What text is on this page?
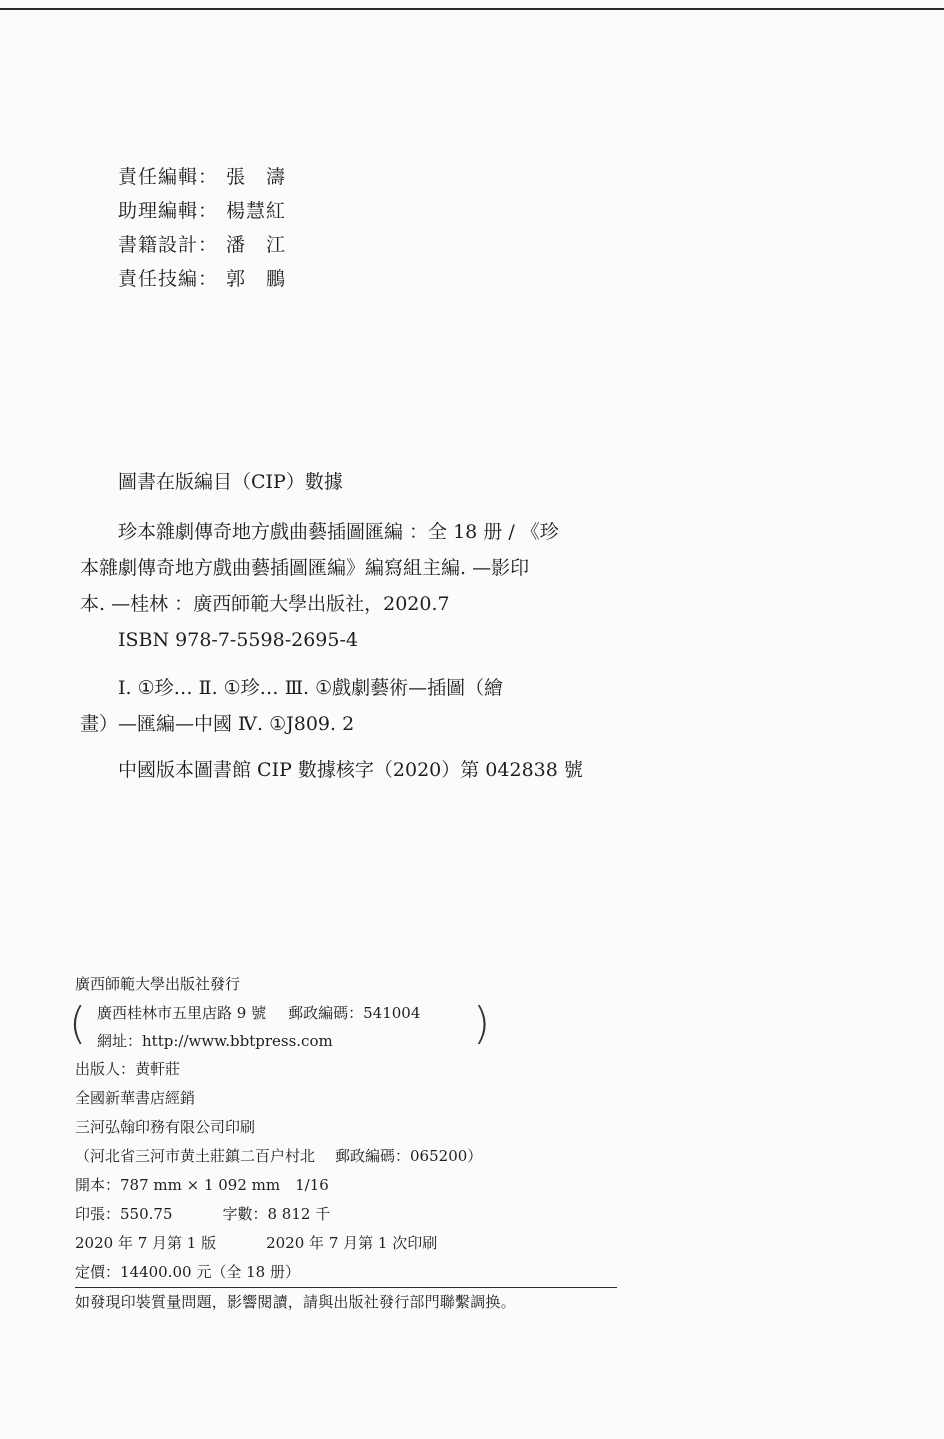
責任編輯： 張　濤
助理編輯： 楊慧紅
書籍設計： 潘　江
責任技編： 郭　鵬
圖書在版編目（CIP）數據
珍本雜劇傳奇地方戲曲藝插圖匯編 ：全 18 册 / 《珍
本雜劇傳奇地方戲曲藝插圖匯編》編寫組主編. —影印
本. —桂林 ：廣西師範大學出版社，2020.7
ISBN 978-7-5598-2695-4
Ⅰ. ①珍… Ⅱ. ①珍… Ⅲ. ①戲劇藝術—插圖（繪
畫）—匯編—中國 Ⅳ. ①J809. 2
中國版本圖書館 CIP 數據核字（2020）第 042838 號
廣西師範大學出版社發行
( 廣西桂林市五里店路 9 號 郵政編碼：541004
網址：http://www.bbtpress.com	)
出版人：黄軒莊
全國新華書店經銷
三河弘翰印務有限公司印刷
（河北省三河市黄土莊鎮二百户村北 郵政編碼：065200）
開本：787 mm × 1 092 mm　1/16
印張：550.75	字數：8 812 千
2020 年 7 月第 1 版	2020 年 7 月第 1 次印刷
定價：14400.00 元（全 18 册）
如發現印裝質量問題，影響閱讀，請與出版社發行部門聯繫調换。
